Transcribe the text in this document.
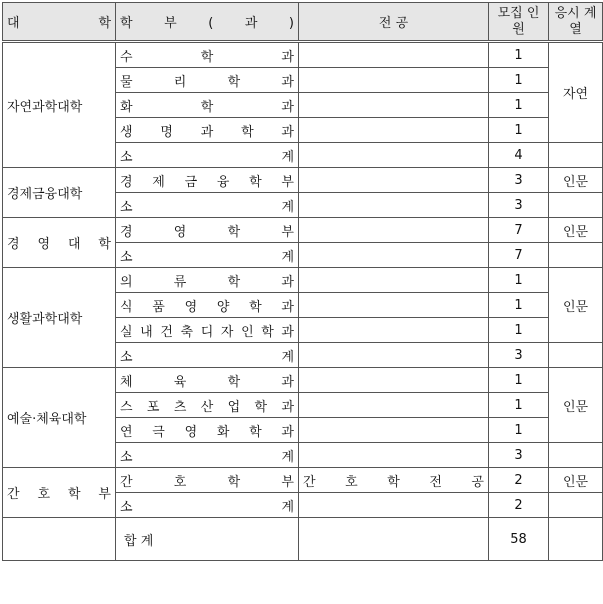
대 학	학 부 ( 과 )	전 공	모집 인원	응시 계열
자연과학대학	수 학 과		1	자연
	물 리 학 과		1	
	화 학 과		1	
	생 명 과 학 과		1	
	소 계		4	
경제금융대학	경 제 금 융 학 부		3	인문
	소 계		3	
경 영 대 학	경 영 학 부		7	인문
	소 계		7	
생활과학대학	의 류 학 과		1	인문
	식 품 영 양 학 과		1	
	실 내 건 축 디 자 인 학 과		1	
	소 계		3	
예술·체육대학	체 육 학 과		1	인문
	스 포 츠 산 업 학 과		1	
	연 극 영 화 학 과		1	
	소 계		3	
간 호 학 부	간 호 학 부	간 호 학 전 공	2	인문
	소 계		2	
	합 계		58	
